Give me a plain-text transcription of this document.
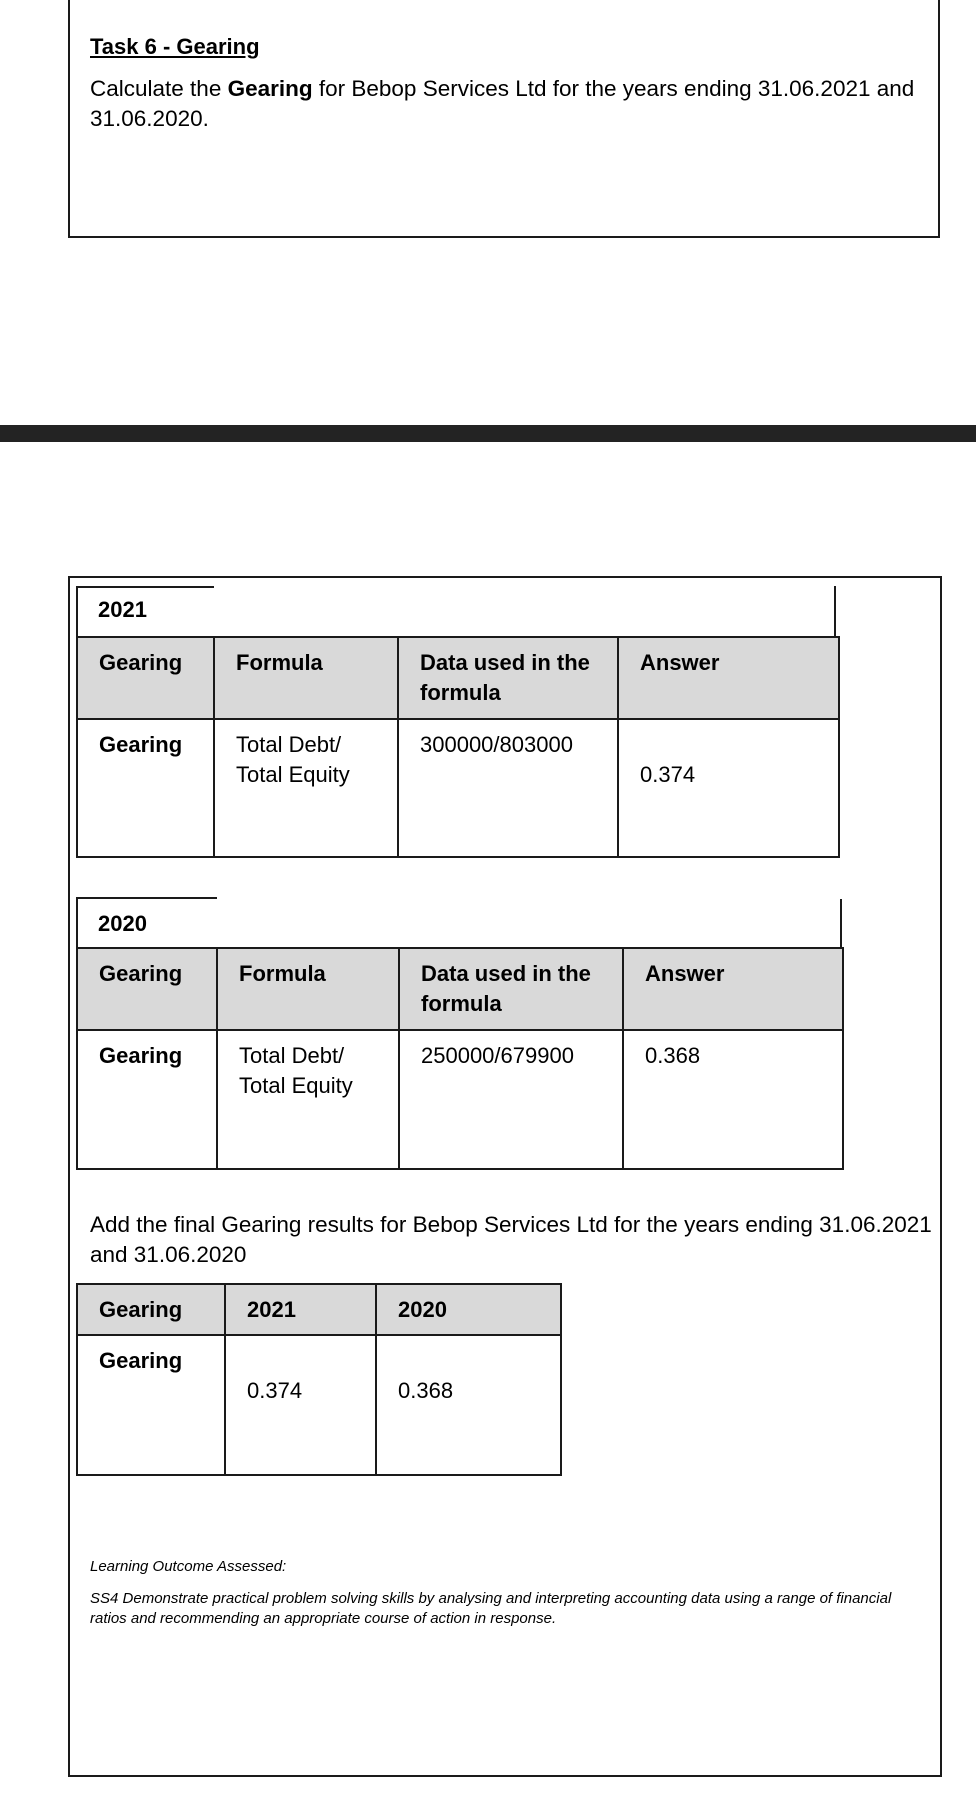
Task 6 - Gearing
Calculate the Gearing for Bebop Services Ltd for the years ending 31.06.2021 and 31.06.2020.
2021
Gearing	Formula	Data used in the formula	Answer

Gearing	Total Debt/ Total Equity	300000/803000	0.374
2020
Gearing	Formula	Data used in the formula	Answer

Gearing	Total Debt/ Total Equity	250000/679900	0.368
Add the final Gearing results for Bebop Services Ltd for the years ending 31.06.2021 and 31.06.2020
Gearing	2021	2020

Gearing	0.374	0.368
Learning Outcome Assessed:
SS4 Demonstrate practical problem solving skills by analysing and interpreting accounting data using a range of financial ratios and recommending an appropriate course of action in response.
